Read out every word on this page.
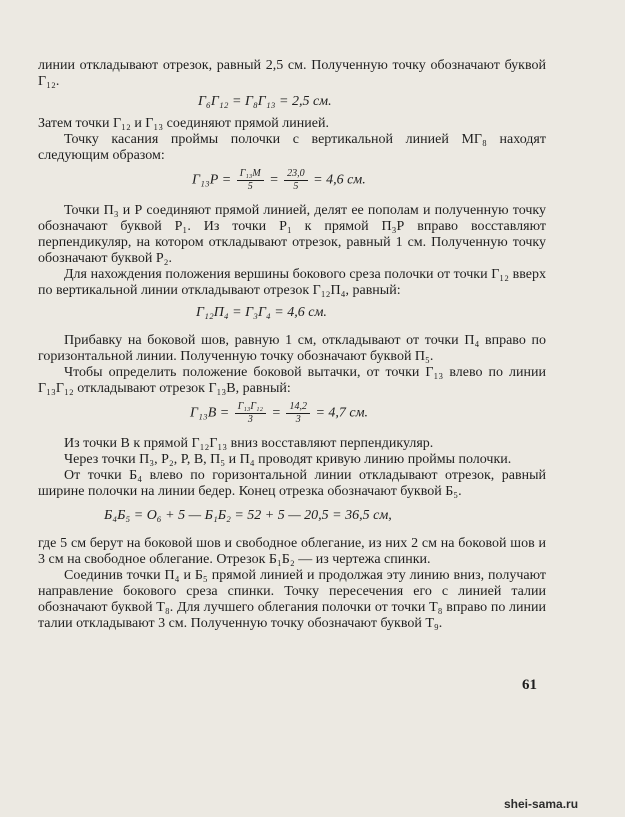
линии откладывают отрезок, равный 2,5 см. Полученную точку обозначают буквой Г₁₂.

Г₆Г₁₂ = Г₈Г₁₃ = 2,5 см.

Затем точки Г₁₂ и Г₁₃ соединяют прямой линией.

Точку касания проймы полочки с вертикальной линией МГ₈ находят следующим образом:

$Г_{13}Р = \frac{\text{Г₁₃М}}{5} = \frac{23,0}{5} = 4,6$ см.

Точки П₃ и Р соединяют прямой линией, делят ее пополам и полученную точку обозначают буквой Р₁. Из точки Р₁ к прямой П₃Р вправо восставляют перпендикуляр, на котором откладывают отрезок, равный 1 см. Полученную точку обозначают буквой Р₂.

Для нахождения положения вершины бокового среза полочки от точки Г₁₂ вверх по вертикальной линии откладывают отрезок Г₁₂П₄, равный:

Г₁₂П₄ = Г₃Г₄ = 4,6 см.

Прибавку на боковой шов, равную 1 см, откладывают от точки П₄ вправо по горизонтальной линии. Полученную точку обозначают буквой П₅.

Чтобы определить положение боковой вытачки, от точки Г₁₃ влево по линии Г₁₃Г₁₂ откладывают отрезок Г₁₃В, равный:

$Г_{13}В = \frac{\text{Г₁₃Г₁₂}}{3} = \frac{14,2}{3} = 4,7$ см.

Из точки В к прямой Г₁₂Г₁₃ вниз восставляют перпендикуляр.

Через точки П₃, Р₂, Р, В, П₅ и П₄ проводят кривую линию проймы полочки.

От точки Б₄ влево по горизонтальной линии откладывают отрезок, равный ширине полочки на линии бедер. Конец отрезка обозначают буквой Б₅.

Б₄Б₅ = О₆ + 5 — Б₁Б₂ = 52 + 5 — 20,5 = 36,5 см,

где 5 см берут на боковой шов и свободное облегание, из них 2 см на боковой шов и 3 см на свободное облегание. Отрезок Б₁Б₂ — из чертежа спинки.

Соединив точки П₄ и Б₅ прямой линией и продолжая эту линию вниз, получают направление бокового среза спинки. Точку пересечения его с линией талии обозначают буквой Т₈. Для лучшего облегания полочки от точки Т₈ вправо по линии талии откладывают 3 см. Полученную точку обозначают буквой Т₉.

61
shei-sama.ru
